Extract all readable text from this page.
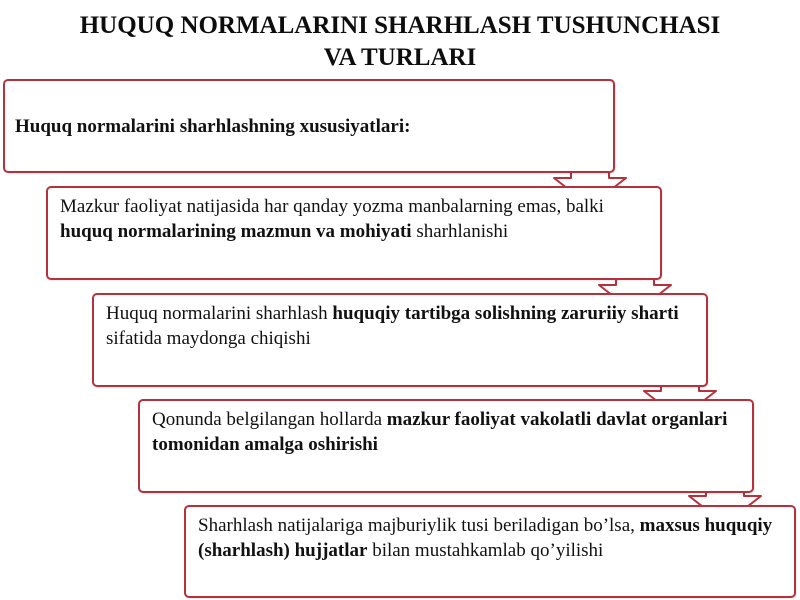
HUQUQ NORMALARINI SHARHLASH TUSHUNCHASI
VA TURLARI
Huquq normalarini sharhlashning xususiyatlari:
Mazkur faoliyat natijasida har qanday yozma manbalarning emas, balki huquq normalarining mazmun va mohiyati sharhlanishi
Huquq normalarini sharhlash huquqiy tartibga solishning zaruriiy sharti sifatida maydonga chiqishi
Qonunda belgilangan hollarda mazkur faoliyat vakolatli davlat organlari tomonidan amalga oshirishi
Sharhlash natijalariga majburiylik tusi beriladigan bo’lsa, maxsus huquqiy (sharhlash) hujjatlar bilan mustahkamlab qo’yilishi
